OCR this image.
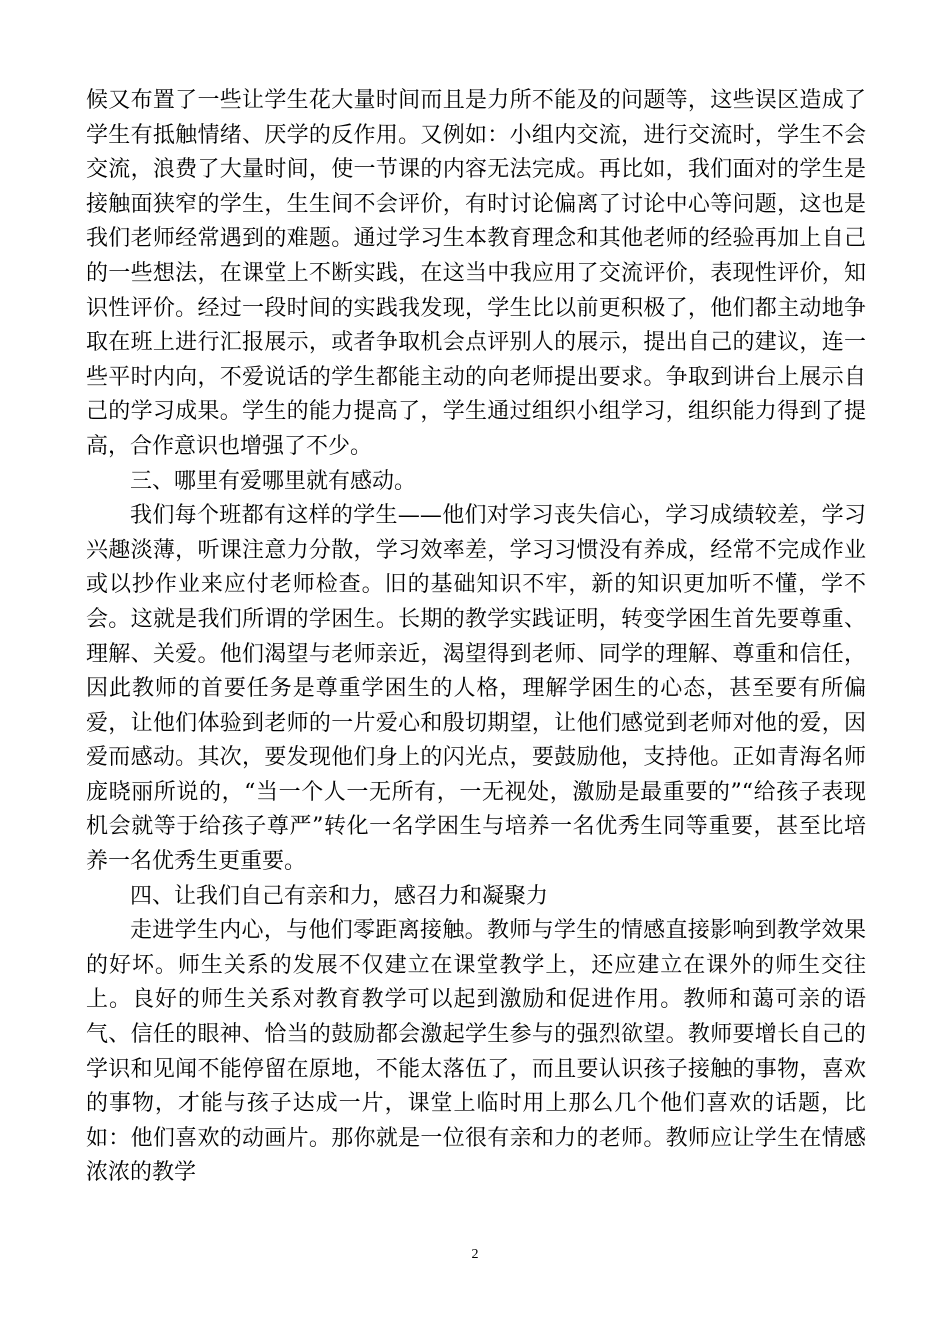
候又布置了一些让学生花大量时间而且是力所不能及的问题等，这些误区造成了学生有抵触情绪、厌学的反作用。又例如：小组内交流，进行交流时，学生不会交流，浪费了大量时间，使一节课的内容无法完成。再比如，我们面对的学生是接触面狭窄的学生，生生间不会评价，有时讨论偏离了讨论中心等问题，这也是我们老师经常遇到的难题。通过学习生本教育理念和其他老师的经验再加上自己的一些想法，在课堂上不断实践，在这当中我应用了交流评价，表现性评价，知识性评价。经过一段时间的实践我发现，学生比以前更积极了，他们都主动地争取在班上进行汇报展示，或者争取机会点评别人的展示，提出自己的建议，连一些平时内向，不爱说话的学生都能主动的向老师提出要求。争取到讲台上展示自己的学习成果。学生的能力提高了，学生通过组织小组学习，组织能力得到了提高，合作意识也增强了不少。

三、哪里有爱哪里就有感动。

我们每个班都有这样的学生——他们对学习丧失信心，学习成绩较差，学习兴趣淡薄，听课注意力分散，学习效率差，学习习惯没有养成，经常不完成作业或以抄作业来应付老师检查。旧的基础知识不牢，新的知识更加听不懂，学不会。这就是我们所谓的学困生。长期的教学实践证明，转变学困生首先要尊重、理解、关爱。他们渴望与老师亲近，渴望得到老师、同学的理解、尊重和信任，因此教师的首要任务是尊重学困生的人格，理解学困生的心态，甚至要有所偏爱，让他们体验到老师的一片爱心和殷切期望，让他们感觉到老师对他的爱，因爱而感动。其次，要发现他们身上的闪光点，要鼓励他，支持他。正如青海名师庞晓丽所说的，“当一个人一无所有，一无视处，激励是最重要的”“给孩子表现机会就等于给孩子尊严”转化一名学困生与培养一名优秀生同等重要，甚至比培养一名优秀生更重要。

四、让我们自己有亲和力，感召力和凝聚力

走进学生内心，与他们零距离接触。教师与学生的情感直接影响到教学效果的好坏。师生关系的发展不仅建立在课堂教学上，还应建立在课外的师生交往上。良好的师生关系对教育教学可以起到激励和促进作用。教师和蔼可亲的语气、信任的眼神、恰当的鼓励都会激起学生参与的强烈欲望。教师要增长自己的学识和见闻不能停留在原地，不能太落伍了，而且要认识孩子接触的事物，喜欢的事物，才能与孩子达成一片，课堂上临时用上那么几个他们喜欢的话题，比如：他们喜欢的动画片。那你就是一位很有亲和力的老师。教师应让学生在情感浓浓的教学

2
